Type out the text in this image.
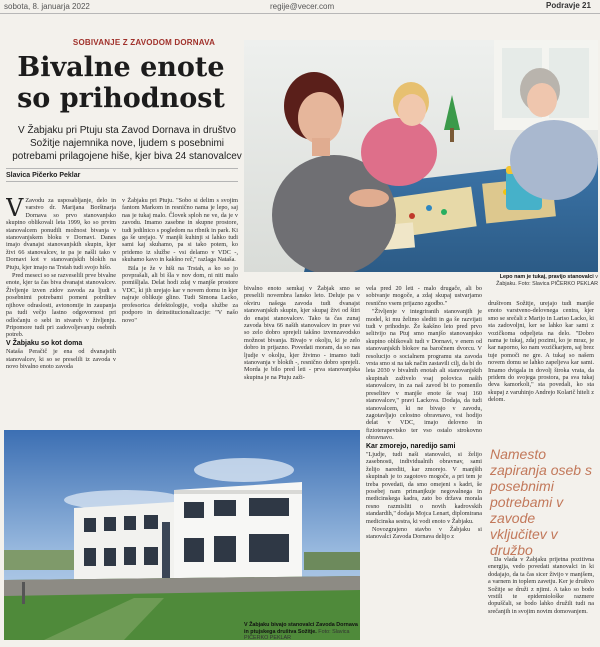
sobota, 8. januarja 2022	regije@vecer.com	Podravje 21
SOBIVANJE Z ZAVODOM DORNAVA
Bivalne enote so prihodnost
V Žabjaku pri Ptuju sta Zavod Dornava in društvo Sožitje najemnika nove, ljudem s posebnimi potrebami prilagojene hiše, kjer biva 24 stanovalcev
Slavica Pičerko Peklar
Lepo nam je tukaj, pravijo stanovalci v Žabjaku. Foto: Slavica PIČERKO PEKLAR

V Zavodu za usposabljanje, delo in varstvo dr. Marijana Borštnarja Dornava so prvo stanovanjsko skupino oblikovali leta 1999, ko so prvim stanovalcem ponudili možnost bivanja v stanovanjskem bloku v Dornavi. Danes imajo dvanajst stanovanjskih skupin, kjer živi 66 stanovalcev, te pa je našli tako v Dornavi kot v stanovanjskih blokih na Ptuju, kjer imajo na Trstah tudi svojo hišo.

Pred meseci so se razveselili prve bivalne enote, kjer ta čas biva dvanajst stanovalcev. Življenje izven zidov zavoda za ljudi s posebnimi potrebami pomeni potrditev njihove odraslosti, avtonomije in zaupanja pa tudi večjo lastno odgovornost pri odločanju o sebi in stvareh v življenju. Pripomore tudi pri zadovoljevanju osebnih potreb.

V Žabjaku so kot doma

Nataša Peračič je ena od dvanajstih stanovalcev, ki so se preselili iz zavoda v novo bivalno enoto zavoda

v Žabjaku pri Ptuju. "Sobo si delim s svojim fantom Markom in resnično nama je lepo, saj nas je tukaj malo. Človek sploh ne ve, da je v zavodu. Imamo zasebne in skupne prostore, tudi jedilnico s pogledom na ribnik in park. Ki ga še urejajo. V manjši kuhinji si lahko tudi sami kaj skuhamo, pa si tako potem, ko pridemo iz službe - vsi delamo v VDC -, skuhamo kavo in kakšno reč," razlaga Nataša.

Bila je že v hiši na Trstah, a ko so jo povprašali, ali bi šla v nov dom, ni niti malo pomišljala. Delat hodi zdaj v manjše prostore VDC, ki jih urejajo kar v novem domu in kjer najraje oblikuje glino. Tudi Simona Lacko, profesorica defektologije, vodja službe za podporo in deinstitucionalizacije: "V našo novo"

bivalno enoto semkaj v Žabjak smo se preselili novembra lansko leto. Deluje pa v okviru našega zavoda tudi dvanajst stanovanjskih skupin, kjer skupaj živi od štiri do enajst stanovalcev. Tako ta čas zunaj zavoda biva 66 naših stanovalcev in prav vsi so zelo dobro sprejeli takšno izvenzavodsko možnost bivanja. Bivajo v okolju, ki je zelo dobro in prijazno. Povedati moram, da so nas ljudje v okolju, kjer živimo - imamo tudi stanovanja v blokih -, resnično dobro sprejeli. Morda je bilo pred leti - prva stanovanjska skupina je na Ptuju zaži-

vela pred 20 leti - malo drugače, ali bo sobivanje mogoče, a zdaj skupaj ustvarjamo resnično vsem prijazno zgodbo."

"Življenje v integriranih stanovanjih je model, ki mu želimo slediti in ga še razvijati tudi v prihodnje. Že kakšno leto pred prvo selitvijo na Ptuj smo manjšo stanovanjsko skupino oblikovali tudi v Dornavi, v enem od stanovanjskih blokov na baročnem dvorcu. V resolucijo o socialnem programu sta zavoda vrsta smo si na tak način zastavili cilj, da bi do leta 2030 v bivalnih enotah ali stanovanjskih skupinah zaživelo vsaj polovica naših stanovalcev, in za naš zavod bi to pomenilo preselitev v manjše enote še vsaj 160 stanovalcev," pravi Lackova. Dodaja, da tudi stanovalcem, ki ne bivajo v zavodu, zagotavljajo celostno obravnavo, vsi hodijo delat v VDC, imajo delovno in fizioterapevtsko ter vso ostalo strokovno obravnavo.

Kar zmorejo, naredijo sami

"Ljudje, tudi naši stanovalci, si želijo zasebnosti, individualnih obravnav, sami želijo narediti, kar zmorejo. V manjših skupinah je to zagotovo mogoče, a pri tem je treba povedati, da smo omejeni s kadri, še posebej nam primanjkuje negovalnega in medicinskega kadra, zato bo država morala resno razmisliti o novih kadrovskih standardih," dodaja Mojca Lenart, diplomirana medicinska sestra, ki vodi enoto v Žabjaku.

Novozgrajeno stavbo v Žabjaku si stanovalci Zavoda Dornava delijo z

društvom Sožitje, urejajo tudi manjše enoto varstveno-delovnega centra, kjer smo se srečali z Marijo in Lariso Lacko, ki sta zadovoljni, ker se lahko kar sami z vozičkoma odpeljeta na delo. "Dobro nama je tukaj, zdaj pozimi, ko je mraz, je kar naporno, ko nam vozičkarjem, saj brez tuje pomoči ne gre. A tukaj so našem novem domu se lahko zapeljeva kar sami. Imamo dvigala in dovolj široka vrata, da pridem do svojega prostora, pa sva tukaj deva kamorkoli," sta povedali, ko sta skupaj z varuhinjo Andrejo Kolarič hiteli z delom.

Namesto zapiranja oseb s posebnimi potrebami v zavode vključitev v družbo

Da vlada v Žabjaku prijetna pozitivna energija, vedo povedati stanovalci in ki dodajajo, da ta čas sicer živijo v manjšem, a varnem in toplem zavetju. Ker je društvo Sožitje se druži z njimi. A tako so bodo vrstili te epidemiološke razmere dopuščali, se bodo lahko družili tudi na srečanjih in svojim novim domovanjem.

V Žabjaku bivajo stanovalci Zavoda Dornava in ptujskega društva Sožitje. Foto: Slavica PIČERKO PEKLAR
